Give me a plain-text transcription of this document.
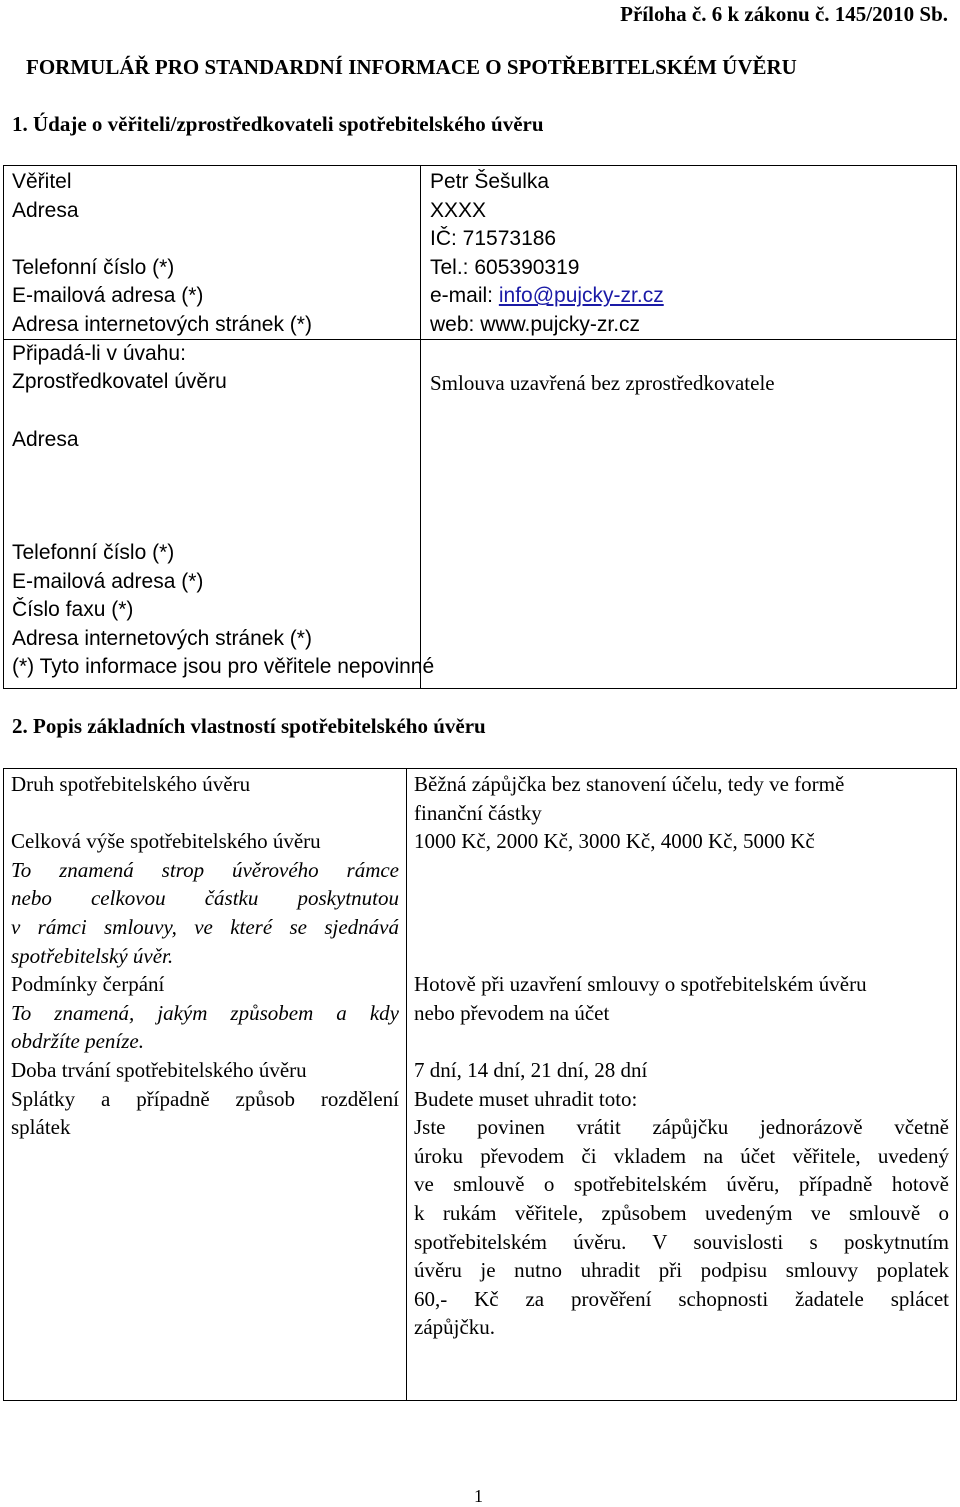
Příloha č. 6 k zákonu č. 145/2010 Sb.
FORMULÁŘ PRO STANDARDNÍ INFORMACE O SPOTŘEBITELSKÉM ÚVĚRU
1. Údaje o věřiteli/zprostředkovateli spotřebitelského úvěru
Věřitel
Adresa
Telefonní číslo (*)
E-mailová adresa (*)
Adresa internetových stránek (*)
Připadá-li v úvahu:
Zprostředkovatel úvěru
Petr Šešulka
XXXX
IČ: 71573186
Tel.: 605390319
e-mail: info@pujcky-zr.cz
web: www.pujcky-zr.cz
Smlouva uzavřená bez zprostředkovatele
Adresa
Telefonní číslo (*)
E-mailová adresa (*)
Číslo faxu (*)
Adresa internetových stránek (*)
(*) Tyto informace jsou pro věřitele nepovinné
2. Popis základních vlastností spotřebitelského úvěru
Druh spotřebitelského úvěru
Celková výše spotřebitelského úvěru
To znamená strop úvěrového rámce
nebo celkovou částku poskytnutou
v rámci smlouvy, ve které se sjednává
spotřebitelský úvěr.
Podmínky čerpání
To znamená, jakým způsobem a kdy
obdržíte peníze.
Doba trvání spotřebitelského úvěru
Splátky a případně způsob rozdělení
splátek
Běžná zápůjčka bez stanovení účelu, tedy ve formě
finanční částky
1000 Kč, 2000 Kč, 3000 Kč, 4000 Kč, 5000 Kč
Hotově při uzavření smlouvy o spotřebitelském úvěru
nebo převodem na účet
7 dní, 14 dní, 21 dní, 28 dní
Budete muset uhradit toto:
Jste povinen vrátit zápůjčku jednorázově včetně
úroku převodem či vkladem na účet věřitele, uvedený
ve smlouvě o spotřebitelském úvěru, případně hotově
k rukám věřitele, způsobem uvedeným ve smlouvě o
spotřebitelském úvěru. V souvislosti s poskytnutím
úvěru je nutno uhradit při podpisu smlouvy poplatek
60,- Kč za prověření schopnosti žadatele splácet
zápůjčku.
1
